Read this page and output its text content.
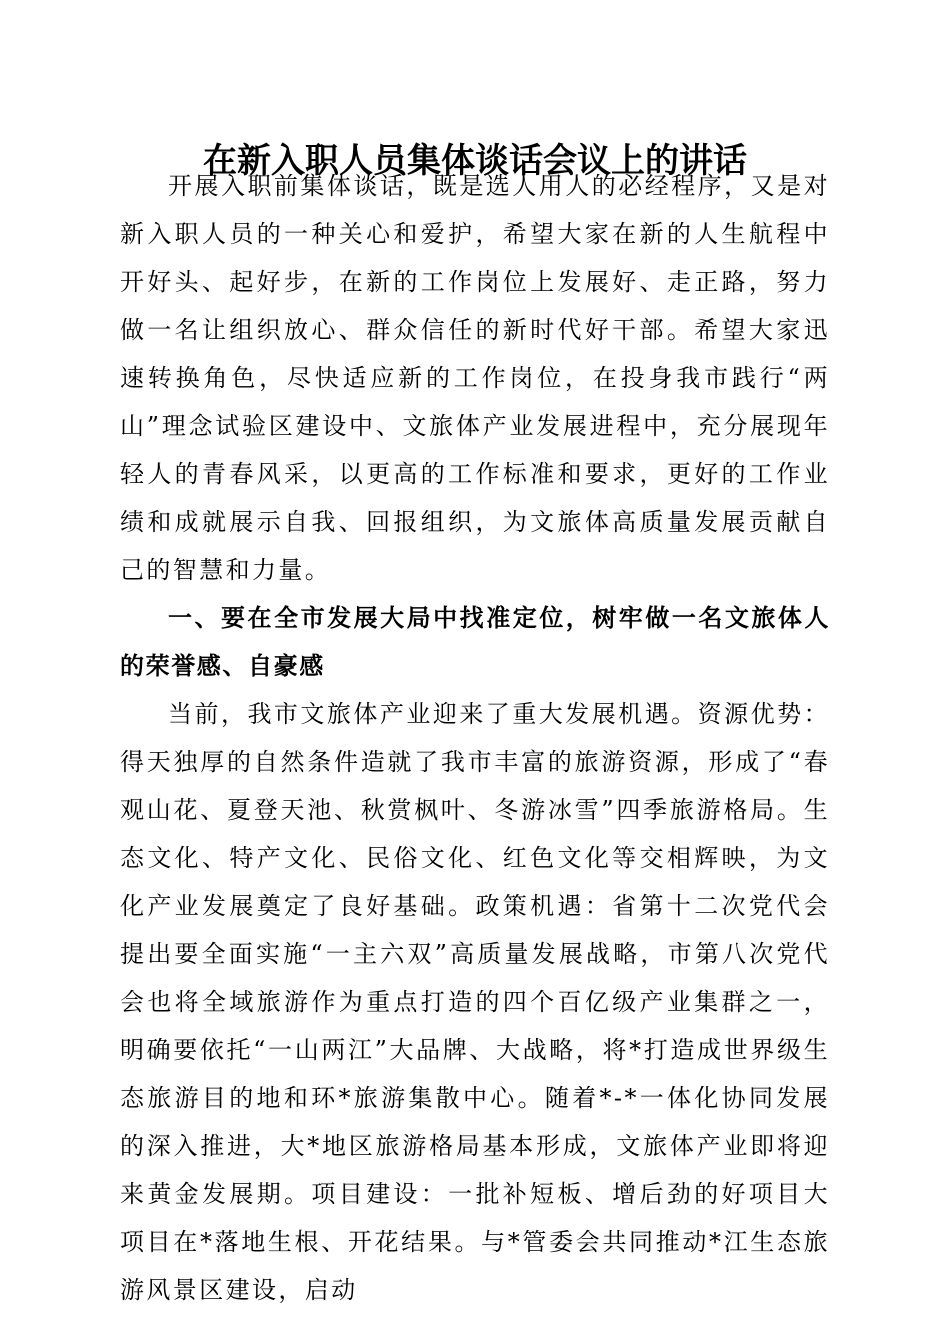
在新入职人员集体谈话会议上的讲话

开展入职前集体谈话，既是选人用人的必经程序，又是对新入职人员的一种关心和爱护，希望大家在新的人生航程中开好头、起好步，在新的工作岗位上发展好、走正路，努力做一名让组织放心、群众信任的新时代好干部。希望大家迅速转换角色，尽快适应新的工作岗位，在投身我市践行“两山”理念试验区建设中、文旅体产业发展进程中，充分展现年轻人的青春风采，以更高的工作标准和要求，更好的工作业绩和成就展示自我、回报组织，为文旅体高质量发展贡献自己的智慧和力量。

一、要在全市发展大局中找准定位，树牢做一名文旅体人的荣誉感、自豪感

当前，我市文旅体产业迎来了重大发展机遇。资源优势：得天独厚的自然条件造就了我市丰富的旅游资源，形成了“春观山花、夏登天池、秋赏枫叶、冬游冰雪”四季旅游格局。生态文化、特产文化、民俗文化、红色文化等交相辉映，为文化产业发展奠定了良好基础。政策机遇：省第十二次党代会提出要全面实施“一主六双”高质量发展战略，市第八次党代会也将全域旅游作为重点打造的四个百亿级产业集群之一，明确要依托“一山两江”大品牌、大战略，将*打造成世界级生态旅游目的地和环*旅游集散中心。随着*-*一体化协同发展的深入推进，大*地区旅游格局基本形成，文旅体产业即将迎来黄金发展期。项目建设：一批补短板、增后劲的好项目大项目在*落地生根、开花结果。与*管委会共同推动*江生态旅游风景区建设，启动
